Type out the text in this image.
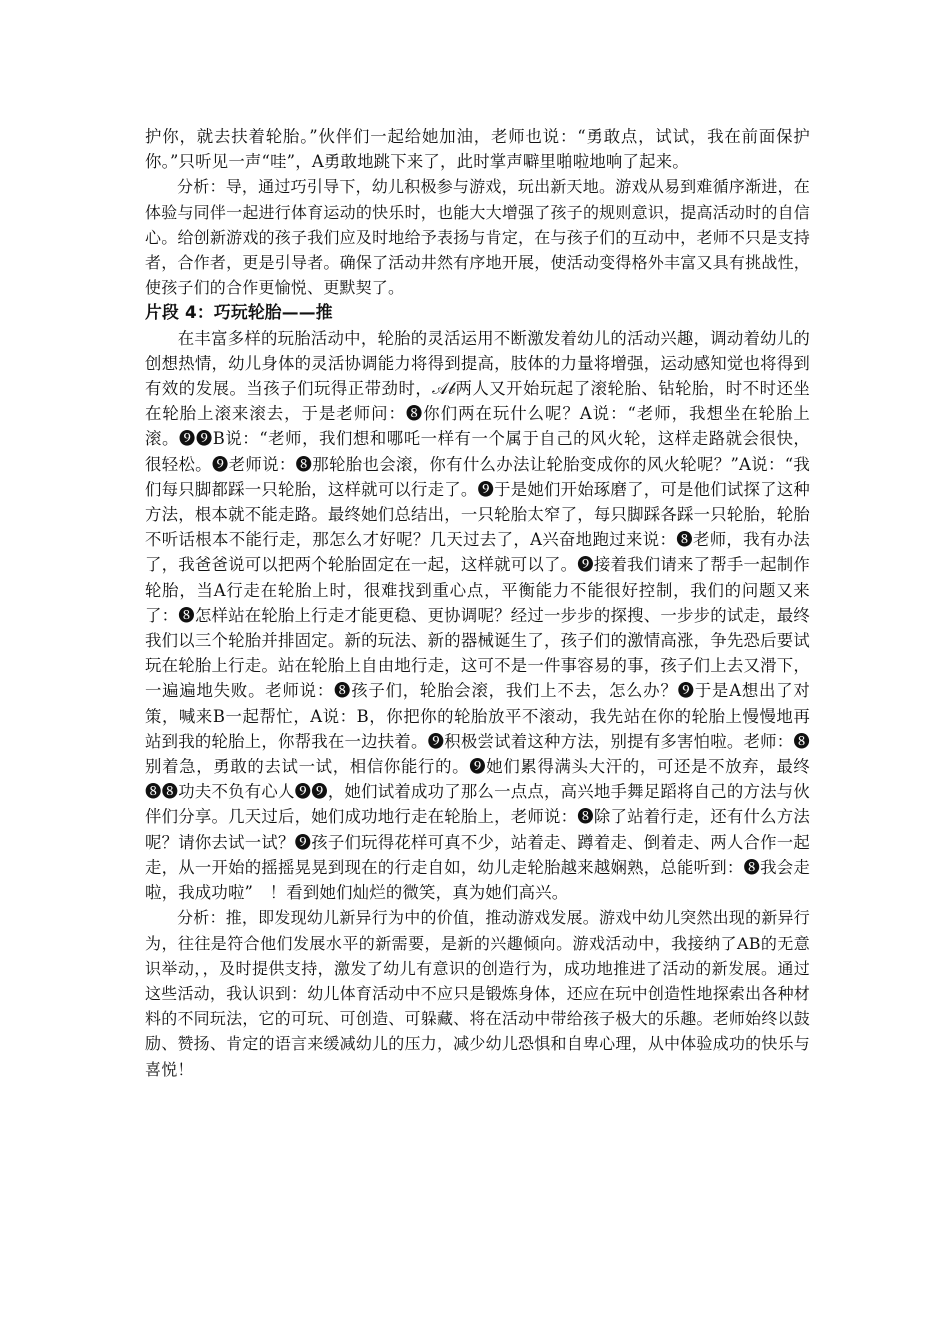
护你，就去扶着轮胎。”伙伴们一起给她加油，老师也说：“勇敢点，试试，我在前面保护你。”只听见一声“哇”，A勇敢地跳下来了，此时掌声噼里啪啦地响了起来。

分析：导，通过巧引导下，幼儿积极参与游戏，玩出新天地。游戏从易到难循序渐进，在体验与同伴一起进行体育运动的快乐时，也能大大增强了孩子的规则意识，提高活动时的自信心。给创新游戏的孩子我们应及时地给予表扬与肯定，在与孩子们的互动中，老师不只是支持者，合作者，更是引导者。确保了活动井然有序地开展，使活动变得格外丰富又具有挑战性，使孩子们的合作更愉悦、更默契了。

片段 4：巧玩轮胎——推

在丰富多样的玩胎活动中，轮胎的灵活运用不断激发着幼儿的活动兴趣，调动着幼儿的创想热情，幼儿身体的灵活协调能力将得到提高，肢体的力量将增强，运动感知觉也将得到有效的发展。当孩子们玩得正带劲时，𝒜𝒷两人又开始玩起了滚轮胎、钻轮胎，时不时还坐在轮胎上滚来滚去，于是老师问：❽你们两在玩什么呢？A说：“老师，我想坐在轮胎上滚。❾❾B说：“老师，我们想和哪吒一样有一个属于自己的风火轮，这样走路就会很快，很轻松。❾老师说：❽那轮胎也会滚，你有什么办法让轮胎变成你的风火轮呢？”A说：“我们每只脚都踩一只轮胎，这样就可以行走了。❾于是她们开始琢磨了，可是他们试探了这种方法，根本就不能走路。最终她们总结出，一只轮胎太窄了，每只脚踩各踩一只轮胎，轮胎不听话根本不能行走，那怎么才好呢？几天过去了，A兴奋地跑过来说：❽老师，我有办法了，我爸爸说可以把两个轮胎固定在一起，这样就可以了。❾接着我们请来了帮手一起制作轮胎，当A行走在轮胎上时，很难找到重心点，平衡能力不能很好控制，我们的问题又来了：❽怎样站在轮胎上行走才能更稳、更协调呢？经过一步步的探搜、一步步的试走，最终我们以三个轮胎并排固定。新的玩法、新的器械诞生了，孩子们的激情高涨，争先恐后要试玩在轮胎上行走。站在轮胎上自由地行走，这可不是一件事容易的事，孩子们上去又滑下，一遍遍地失败。老师说：❽孩子们，轮胎会滚，我们上不去，怎么办？❾于是A想出了对策，喊来B一起帮忙，A说：B，你把你的轮胎放平不滚动，我先站在你的轮胎上慢慢地再站到我的轮胎上，你帮我在一边扶着。❾积极尝试着这种方法，别提有多害怕啦。老师：❽别着急，勇敢的去试一试，相信你能行的。❾她们累得满头大汗的，可还是不放弃，最终❽❽功夫不负有心人❾❾，她们试着成功了那么一点点，高兴地手舞足蹈将自己的方法与伙伴们分享。几天过后，她们成功地行走在轮胎上，老师说：❽除了站着行走，还有什么方法呢？请你去试一试？❾孩子们玩得花样可真不少，站着走、蹲着走、倒着走、两人合作一起走，从一开始的摇摇晃晃到现在的行走自如，幼儿走轮胎越来越娴熟，总能听到：❽我会走啦，我成功啦”　！看到她们灿烂的微笑，真为她们高兴。

分析：推，即发现幼儿新异行为中的价值，推动游戏发展。游戏中幼儿突然出现的新异行为，往往是符合他们发展水平的新需要，是新的兴趣倾向。游戏活动中，我接纳了AB的无意识举动，，及时提供支持，激发了幼儿有意识的创造行为，成功地推进了活动的新发展。通过这些活动，我认识到：幼儿体育活动中不应只是锻炼身体，还应在玩中创造性地探索出各种材料的不同玩法，它的可玩、可创造、可躲藏、将在活动中带给孩子极大的乐趣。老师始终以鼓励、赞扬、肯定的语言来缓减幼儿的压力，减少幼儿恐惧和自卑心理，从中体验成功的快乐与喜悦！
